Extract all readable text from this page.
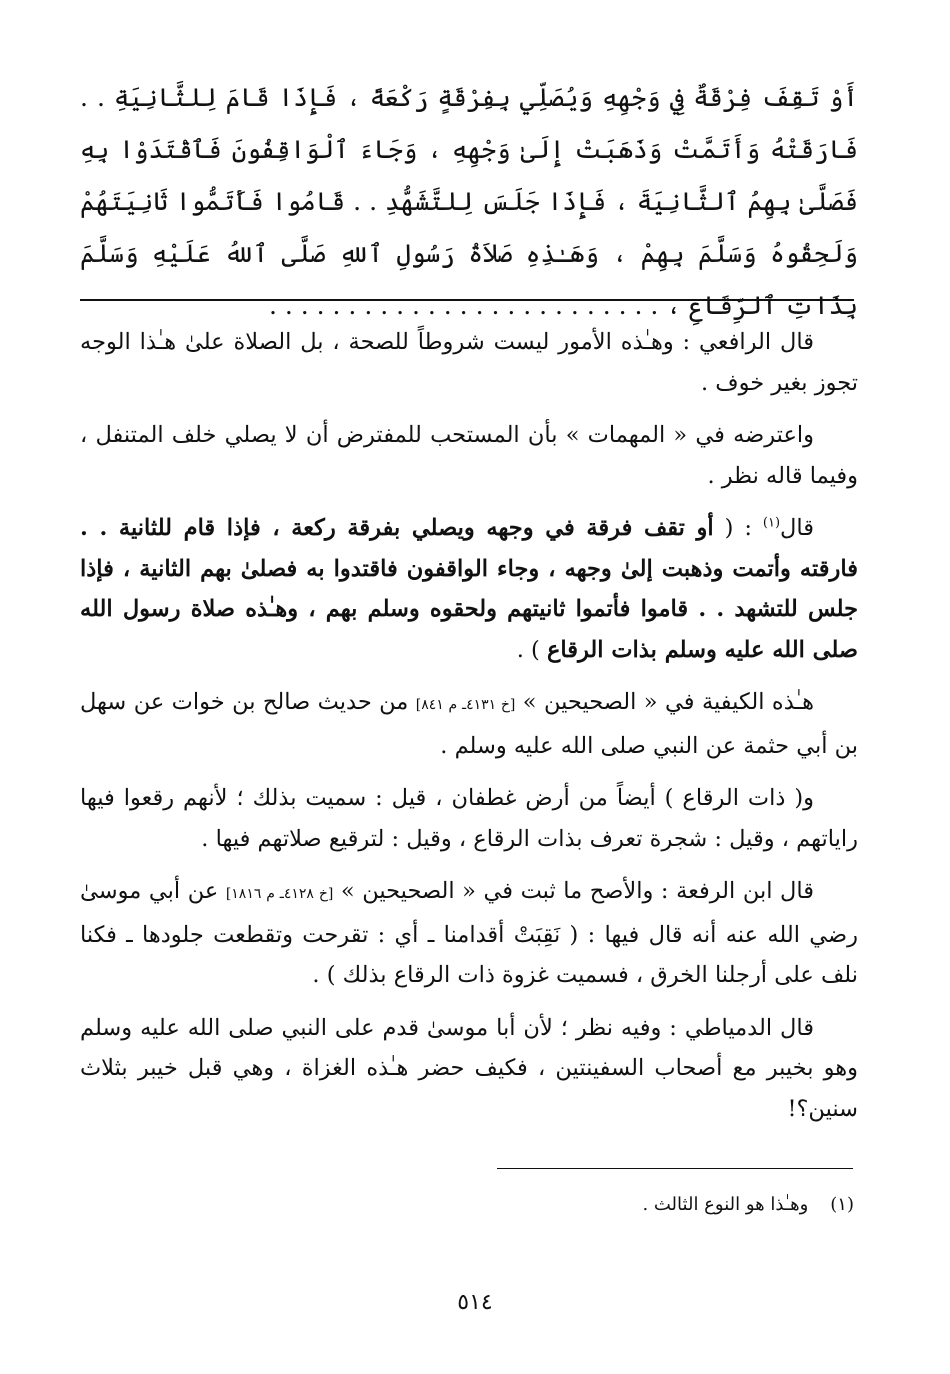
أَوْ تَقِفَ فِرْقَةٌ فِي وَجْهِهِ وَيُصَلِّي بِفِرْقَةٍ رَكْعَةً ، فَإِذَا قَامَ لِلثَّانِيَةِ . . فَارَقَتْهُ وَأَتَمَّتْ وَذَهَبَتْ إِلَىٰ وَجْهِهِ ، وَجَاءَ ٱلْوَاقِفُونَ فَٱقْتَدَوْا بِهِ فَصَلَّىٰ بِهِمُ ٱلثَّانِيَةَ ، فَإِذَا جَلَسَ لِلتَّشَهُّدِ . . قَامُوا فَأَتَمُّوا ثَانِيَتَهُمْ وَلَحِقُوهُ وَسَلَّمَ بِهِمْ ، وَهَـٰذِهِ صَلاَةُ رَسُولِ ٱللهِ صَلَّى ٱللهُ عَلَيْهِ وَسَلَّمَ بِذَاتِ ٱلرِّقَاعِ ، . . . . . . . . . . . . . . . . . . . . . . . . .

قال الرافعي : وهـٰذه الأمور ليست شروطاً للصحة ، بل الصلاة علىٰ هـٰذا الوجه تجوز بغير خوف .

واعترضه في « المهمات » بأن المستحب للمفترض أن لا يصلي خلف المتنفل ، وفيما قاله نظر .

قال$^{(١)}$ : ( أو تقف فرقة في وجهه ويصلي بفرقة ركعة ، فإذا قام للثانية . . فارقته وأتمت وذهبت إلىٰ وجهه ، وجاء الواقفون فاقتدوا به فصلىٰ بهم الثانية ، فإذا جلس للتشهد . . قاموا فأتموا ثانيتهم ولحقوه وسلم بهم ، وهـٰذه صلاة رسول الله صلى الله عليه وسلم بذات الرقاع ) .

هـٰذه الكيفية في « الصحيحين » [خ ٤١٣١ـ م ٨٤١] من حديث صالح بن خوات عن سهل بن أبي حثمة عن النبي صلى الله عليه وسلم .

و( ذات الرقاع ) أيضاً من أرض غطفان ، قيل : سميت بذلك ؛ لأنهم رقعوا فيها راياتهم ، وقيل : شجرة تعرف بذات الرقاع ، وقيل : لترقيع صلاتهم فيها .

قال ابن الرفعة : والأصح ما ثبت في « الصحيحين » [خ ٤١٢٨ـ م ١٨١٦] عن أبي موسىٰ رضي الله عنه أنه قال فيها : ( نَقِبَتْ أقدامنا ـ أي : تقرحت وتقطعت جلودها ـ فكنا نلف على أرجلنا الخرق ، فسميت غزوة ذات الرقاع بذلك ) .

قال الدمياطي : وفيه نظر ؛ لأن أبا موسىٰ قدم على النبي صلى الله عليه وسلم وهو بخيبر مع أصحاب السفينتين ، فكيف حضر هـٰذه الغزاة ، وهي قبل خيبر بثلاث سنين؟!

(١)وهـٰذا هو النوع الثالث .
٥١٤
